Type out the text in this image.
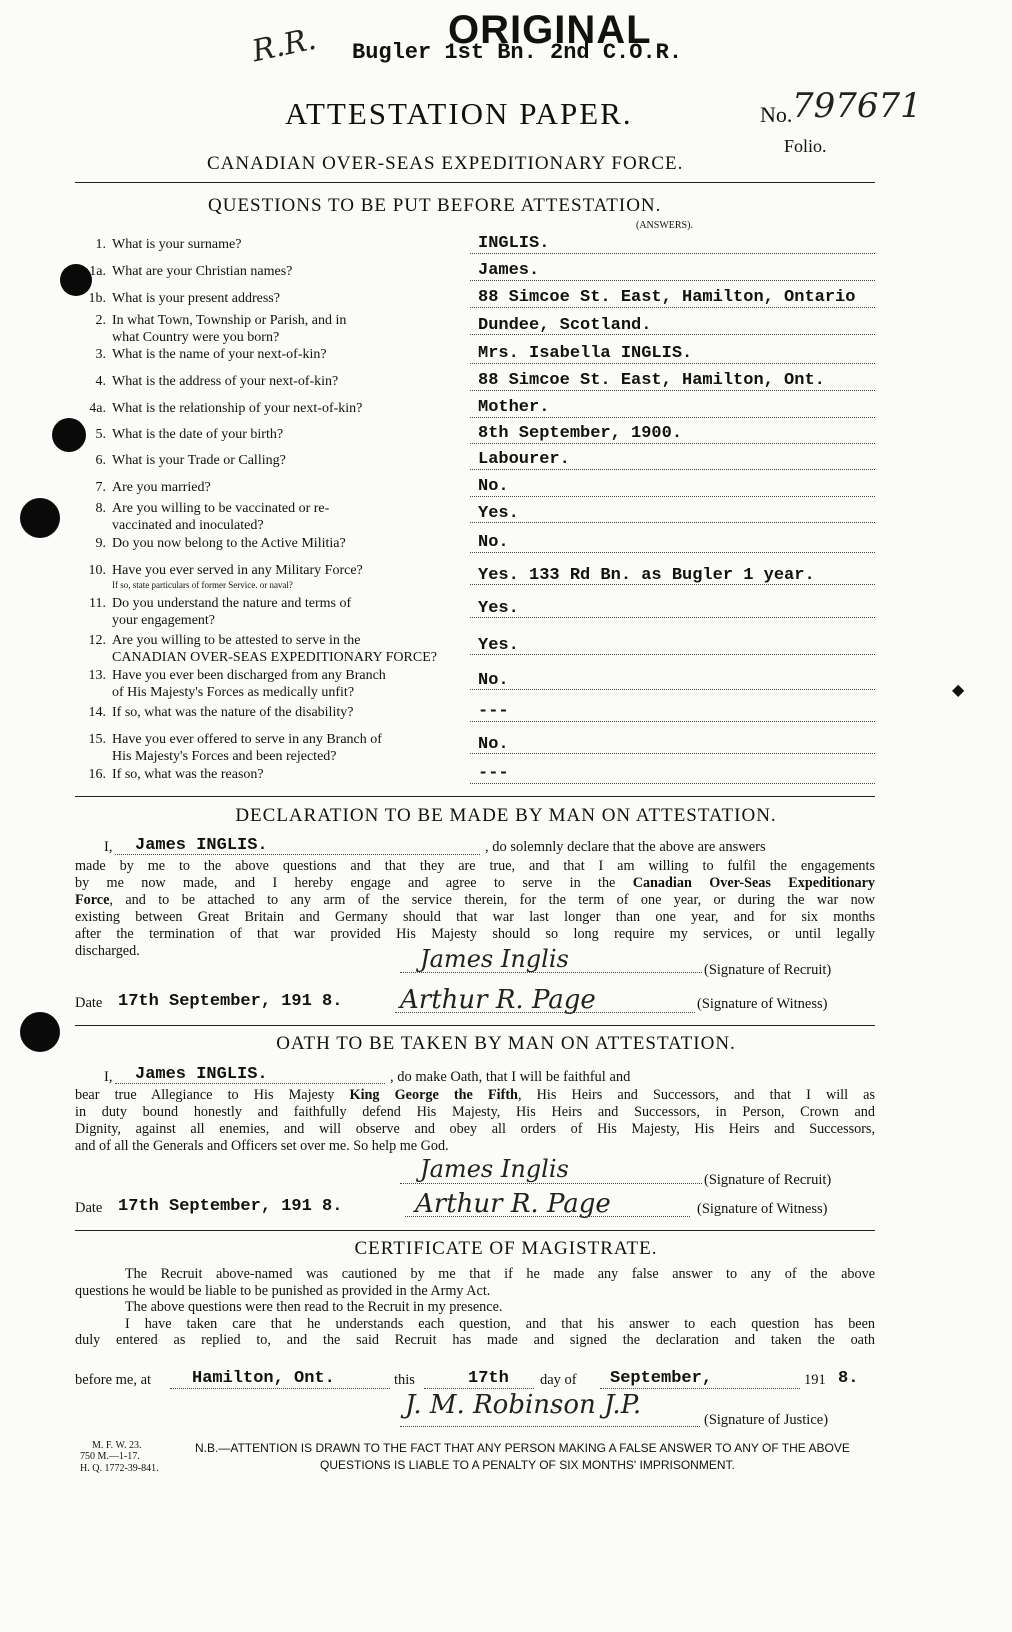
R.R. Bugler 1st Bn. 2nd C.O.R.
ORIGINAL
ATTESTATION PAPER.	No. 797671
Folio.
CANADIAN OVER-SEAS EXPEDITIONARY FORCE.
QUESTIONS TO BE PUT BEFORE ATTESTATION.
(ANSWERS).
1. What is your surname?	INGLIS.
1a. What are your Christian names?	James.
1b. What is your present address?	88 Simcoe St. East, Hamilton, Ontario
2. In what Town, Township or Parish, and in
what Country were you born?
Dundee, Scotland.
3. What is the name of your next-of-kin?	Mrs. Isabella INGLIS.
4. What is the address of your next-of-kin?	88 Simcoe St. East, Hamilton, Ont.
4a. What is the relationship of your next-of-kin?	Mother.
5. What is the date of your birth?	8th September, 1900.
6. What is your Trade or Calling?	Labourer.
7. Are you married?	No.
8. Are you willing to be vaccinated or re-
vaccinated and inoculated?
Yes.
9. Do you now belong to the Active Militia?	No.
10. Have you ever served in any Military Force?
If so, state particulars of former Service. or naval?	Yes. 133 Rd Bn. as Bugler 1 year.
11. Do you understand the nature and terms of
your engagement?
Yes.
12. Are you willing to be attested to serve in the
CANADIAN OVER-SEAS EXPEDITIONARY FORCE?
Yes.
13. Have you ever been discharged from any Branch
of His Majesty's Forces as medically unfit?
No.
14. If so, what was the nature of the disability?	---
15. Have you ever offered to serve in any Branch of
His Majesty's Forces and been rejected?
No.
16. If so, what was the reason?	---
DECLARATION TO BE MADE BY MAN ON ATTESTATION.
I, James INGLIS.	, do solemnly declare that the above are answers

made by me to the above questions and that they are true, and that I am willing to fulfil the engagements

by me now made, and I hereby engage and agree to serve in the Canadian Over-Seas Expeditionary

Force, and to be attached to any arm of the service therein, for the term of one year, or during the war now

existing between Great Britain and Germany should that war last longer than one year, and for six months

after the termination of that war provided His Majesty should so long require my services, or until legally

discharged.	James Inglis	(Signature of Recruit)
Date 17th September, 191 8. Arthur R. Page	(Signature of Witness)
OATH TO BE TAKEN BY MAN ON ATTESTATION.
I, James INGLIS.	, do make Oath, that I will be faithful and

bear true Allegiance to His Majesty King George the Fifth, His Heirs and Successors, and that I will as

in duty bound honestly and faithfully defend His Majesty, His Heirs and Successors, in Person, Crown and

Dignity, against all enemies, and will observe and obey all orders of His Majesty, His Heirs and Successors,

and of all the Generals and Officers set over me. So help me God.

James Inglis	(Signature of Recruit)
Date 17th September, 191 8.	Arthur R. Page	(Signature of Witness)
CERTIFICATE OF MAGISTRATE.

The Recruit above-named was cautioned by me that if he made any false answer to any of the above

questions he would be liable to be punished as provided in the Army Act.

The above questions were then read to the Recruit in my presence.

I have taken care that he understands each question, and that his answer to each question has been

duly entered as replied to, and the said Recruit has made and signed the declaration and taken the oath

before me, at Hamilton, Ont.	this	17th day of September,	191 8.
J. M. Robinson J.P.	(Signature of Justice)
M. F. W. 23.
750 M.—1-17.
H. Q. 1772-39-841.
N.B.—ATTENTION IS DRAWN TO THE FACT THAT ANY PERSON MAKING A FALSE ANSWER TO ANY OF THE ABOVE
QUESTIONS IS LIABLE TO A PENALTY OF SIX MONTHS' IMPRISONMENT.
◆
